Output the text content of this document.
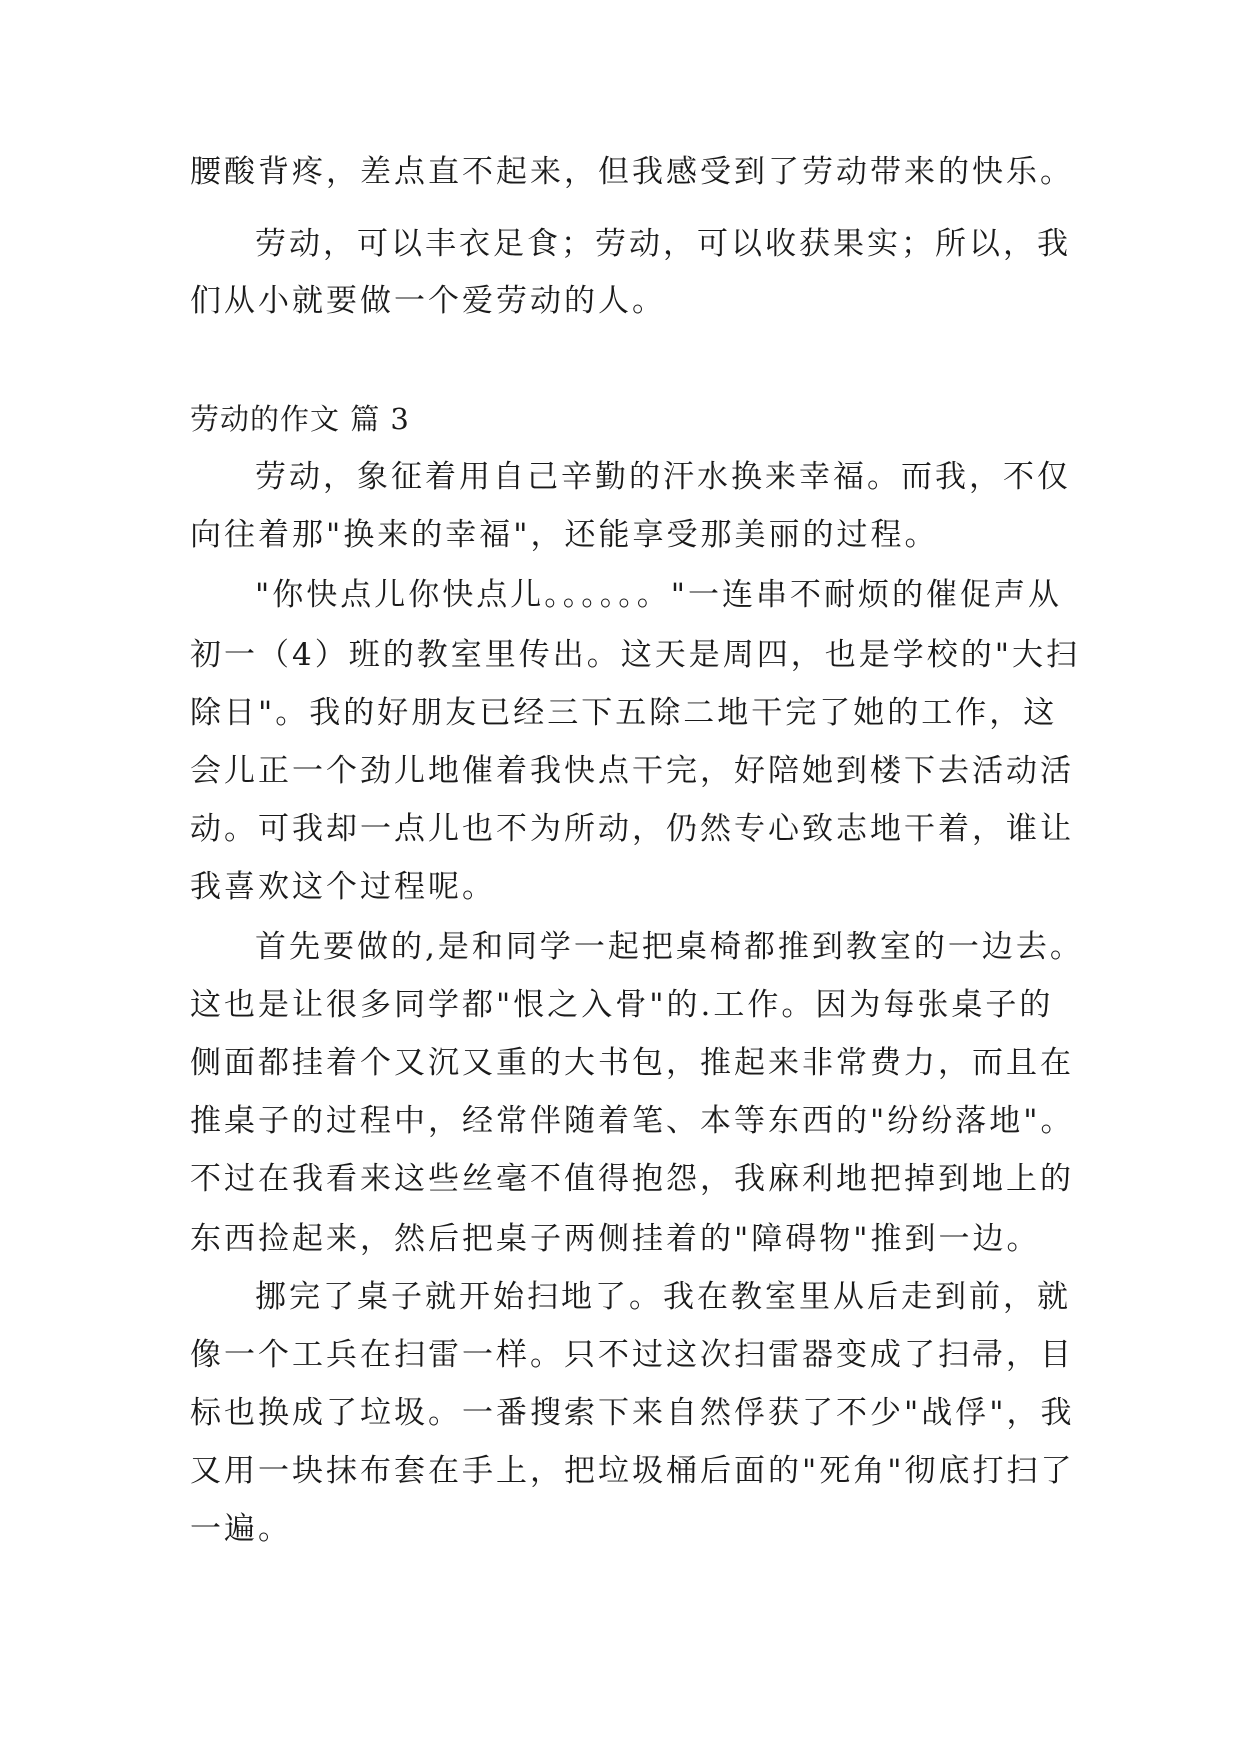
腰酸背疼，差点直不起来，但我感受到了劳动带来的快乐。
劳动，可以丰衣足食；劳动，可以收获果实；所以，我
们从小就要做一个爱劳动的人。
劳动的作文 篇 3
劳动，象征着用自己辛勤的汗水换来幸福。而我，不仅
向往着那"换来的幸福"，还能享受那美丽的过程。
"你快点儿你快点儿。。。。。。"一连串不耐烦的催促声从
初一（4）班的教室里传出。这天是周四，也是学校的"大扫
除日"。我的好朋友已经三下五除二地干完了她的工作，这
会儿正一个劲儿地催着我快点干完，好陪她到楼下去活动活
动。可我却一点儿也不为所动，仍然专心致志地干着，谁让
我喜欢这个过程呢。
首先要做的,是和同学一起把桌椅都推到教室的一边去。
这也是让很多同学都"恨之入骨"的.工作。因为每张桌子的
侧面都挂着个又沉又重的大书包，推起来非常费力，而且在
推桌子的过程中，经常伴随着笔、本等东西的"纷纷落地"。
不过在我看来这些丝毫不值得抱怨，我麻利地把掉到地上的
东西捡起来，然后把桌子两侧挂着的"障碍物"推到一边。
挪完了桌子就开始扫地了。我在教室里从后走到前，就
像一个工兵在扫雷一样。只不过这次扫雷器变成了扫帚，目
标也换成了垃圾。一番搜索下来自然俘获了不少"战俘"，我
又用一块抹布套在手上，把垃圾桶后面的"死角"彻底打扫了
一遍。
